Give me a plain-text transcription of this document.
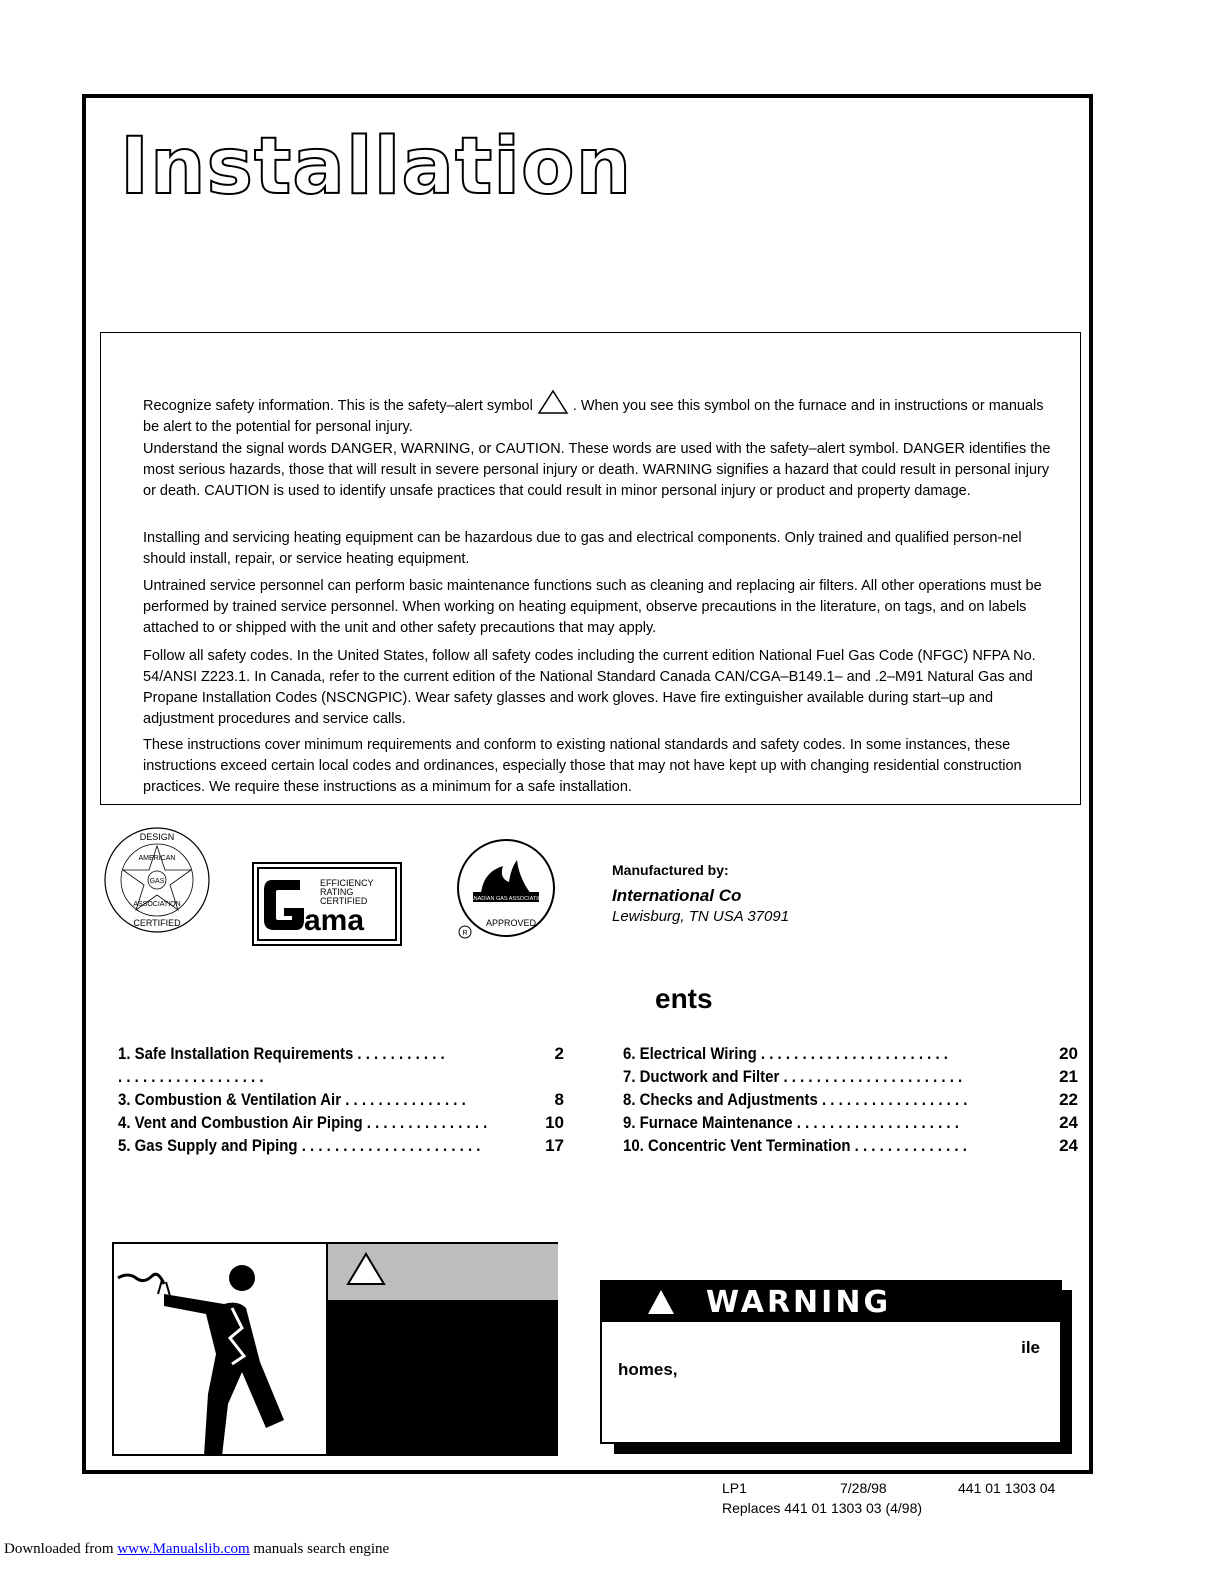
Installation

Recognize safety information. This is the safety–alert symbol	. When you see this symbol on the furnace and in instructions or manuals be alert to the potential for personal injury.

Understand the signal words DANGER, WARNING, or CAUTION. These words are used with the safety–alert symbol. DANGER identifies the most serious hazards, those that will result in severe personal injury or death. WARNING signifies a hazard that could result in personal injury or death. CAUTION is used to identify unsafe practices that could result in minor personal injury or product and property damage.

Installing and servicing heating equipment can be hazardous due to gas and electrical components. Only trained and qualified person-nel should install, repair, or service heating equipment.

Untrained service personnel can perform basic maintenance functions such as cleaning and replacing air filters. All other operations must be performed by trained service personnel. When working on heating equipment, observe precautions in the literature, on tags, and on labels attached to or shipped with the unit and other safety precautions that may apply.

Follow all safety codes. In the United States, follow all safety codes including the current edition National Fuel Gas Code (NFGC) NFPA No. 54/ANSI Z223.1. In Canada, refer to the current edition of the National Standard Canada CAN/CGA–B149.1– and .2–M91 Natural Gas and Propane Installation Codes (NSCNGPIC). Wear safety glasses and work gloves. Have fire extinguisher available during start–up and adjustment procedures and service calls.

These instructions cover minimum requirements and conform to existing national standards and safety codes. In some instances, these instructions exceed certain local codes and ordinances, especially those that may not have kept up with changing residential construction practices. We require these instructions as a minimum for a safe installation.

GAS
DESIGN
AMERICAN
ASSOCIATION
CERTIFIED
EFFICIENCY
RATING
CERTIFIED
ama
CANADIAN GAS ASSOCIATION
APPROVED
R
Manufactured by:
International Co
Lewisburg, TN USA 37091
ents
1. Safe Installation Requirements . . . . . . . . . . .	2
. . . . . . . . . . . . . . . . . .
3. Combustion & Ventilation Air . . . . . . . . . . . . . . .	8
4. Vent and Combustion Air Piping . . . . . . . . . . . . . . .	10
5. Gas Supply and Piping . . . . . . . . . . . . . . . . . . . . . .	17
6. Electrical Wiring . . . . . . . . . . . . . . . . . . . . . . .	20
7. Ductwork and Filter . . . . . . . . . . . . . . . . . . . . . .	21
8. Checks and Adjustments . . . . . . . . . . . . . . . . . .	22
9. Furnace Maintenance . . . . . . . . . . . . . . . . . . . .	24
10. Concentric Vent Termination . . . . . . . . . . . . . .	24
WARNING
ile
homes,
LP1	7/28/98	441 01 1303 04
Replaces 441 01 1303 03 (4/98)
Downloaded from www.Manualslib.com manuals search engine
